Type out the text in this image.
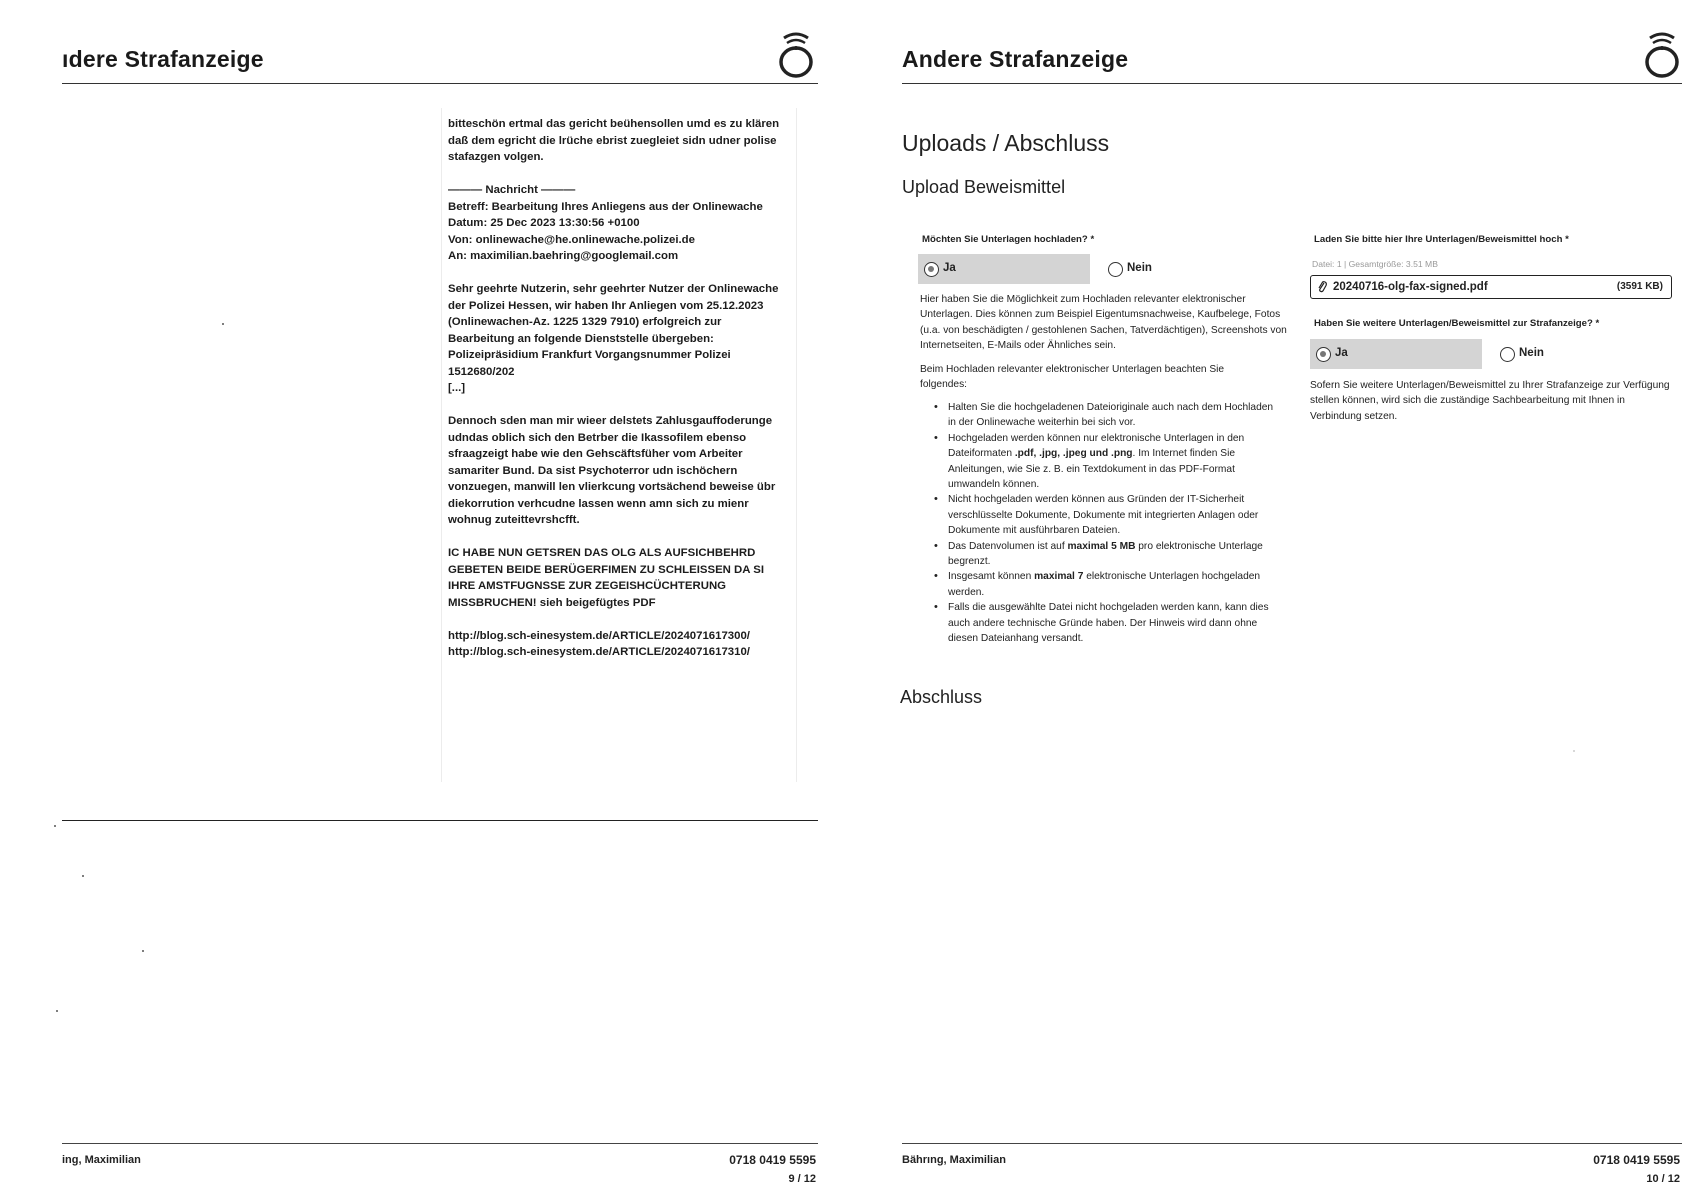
ıdere Strafanzeige

bitteschön ertmal das gericht beühensollen umd es zu klären daß dem egricht die lrüche ebrist zuegleiet sidn udner polise stafazgen volgen.

——— Nachricht ———

Betreff: Bearbeitung Ihres Anliegens aus der Onlinewache

Datum: 25 Dec 2023 13:30:56 +0100

Von: onlinewache@he.onlinewache.polizei.de

An: maximilian.baehring@googlemail.com

Sehr geehrte Nutzerin, sehr geehrter Nutzer der Onlinewache der Polizei Hessen, wir haben Ihr Anliegen vom 25.12.2023 (Onlinewachen-Az. 1225 1329 7910) erfolgreich zur Bearbeitung an folgende Dienststelle übergeben:

Polizeipräsidium Frankfurt Vorgangsnummer Polizei 1512680/202

[...]

Dennoch sden man mir wieer delstets Zahlusgauffoderunge udndas oblich sich den Betrber die Ikassofilem ebenso sfraagzeigt habe wie den Gehscäftsfüher vom Arbeiter samariter Bund. Da sist Psychoterror udn ischöchern vonzuegen, manwill len vlierkcung vortsächend beweise übr diekorrution verhcudne lassen wenn amn sich zu mienr wohnug zuteittevrshcfft.

IC HABE NUN GETSREN DAS OLG ALS AUFSICHBEHRD GEBETEN BEIDE BERÜGERFIMEN ZU SCHLEISSEN DA SI IHRE AMSTFUGNSSE ZUR ZEGEISHCÜCHTERUNG MISSBRUCHEN! sieh beigefügtes PDF

http://blog.sch-einesystem.de/ARTICLE/20240716173​00/

http://blog.sch-einesystem.de/ARTICLE/20240716173​10/

ing, Maximilian	0718 0419 5595
9 / 12
Andere Strafanzeige
Uploads / Abschluss
Upload Beweismittel
Möchten Sie Unterlagen hochladen? *
Ja	Nein
Hier haben Sie die Möglichkeit zum Hochladen relevanter elektronischer Unterlagen. Dies können zum Beispiel Eigentumsnachweise, Kaufbelege, Fotos (u.a. von beschädigten / gestohlenen Sachen, Tatverdächtigen), Screenshots von Internetseiten, E-Mails oder Ähnliches sein.
Beim Hochladen relevanter elektronischer Unterlagen beachten Sie folgendes:
• Halten Sie die hochgeladenen Dateioriginale auch nach dem Hochladen in der Onlinewache weiterhin bei sich vor.
• Hochgeladen werden können nur elektronische Unterlagen in den Dateiformaten .pdf, .jpg, .jpeg und .png. Im Internet finden Sie Anleitungen, wie Sie z. B. ein Textdokument in das PDF-Format umwandeln können.
• Nicht hochgeladen werden können aus Gründen der IT-Sicherheit verschlüsselte Dokumente, Dokumente mit integrierten Anlagen oder Dokumente mit ausführbaren Dateien.
• Das Datenvolumen ist auf maximal 5 MB pro elektronische Unterlage begrenzt.
• Insgesamt können maximal 7 elektronische Unterlagen hochgeladen werden.
• Falls die ausgewählte Datei nicht hochgeladen werden kann, kann dies auch andere technische Gründe haben. Der Hinweis wird dann ohne diesen Dateianhang versandt.
Laden Sie bitte hier Ihre Unterlagen/Beweismittel hoch *
Datei: 1 | Gesamtgröße: 3.51 MB
20240716-olg-fax-signed.pdf	(3591 KB)
Haben Sie weitere Unterlagen/Beweismittel zur Strafanzeige? *
Ja	Nein
Sofern Sie weitere Unterlagen/Beweismittel zu Ihrer Strafanzeige zur Verfügung stellen können, wird sich die zuständige Sachbearbeitung mit Ihnen in Verbindung setzen.
Abschluss
Bährıng, Maximilian	0718 0419 5595
10 / 12
